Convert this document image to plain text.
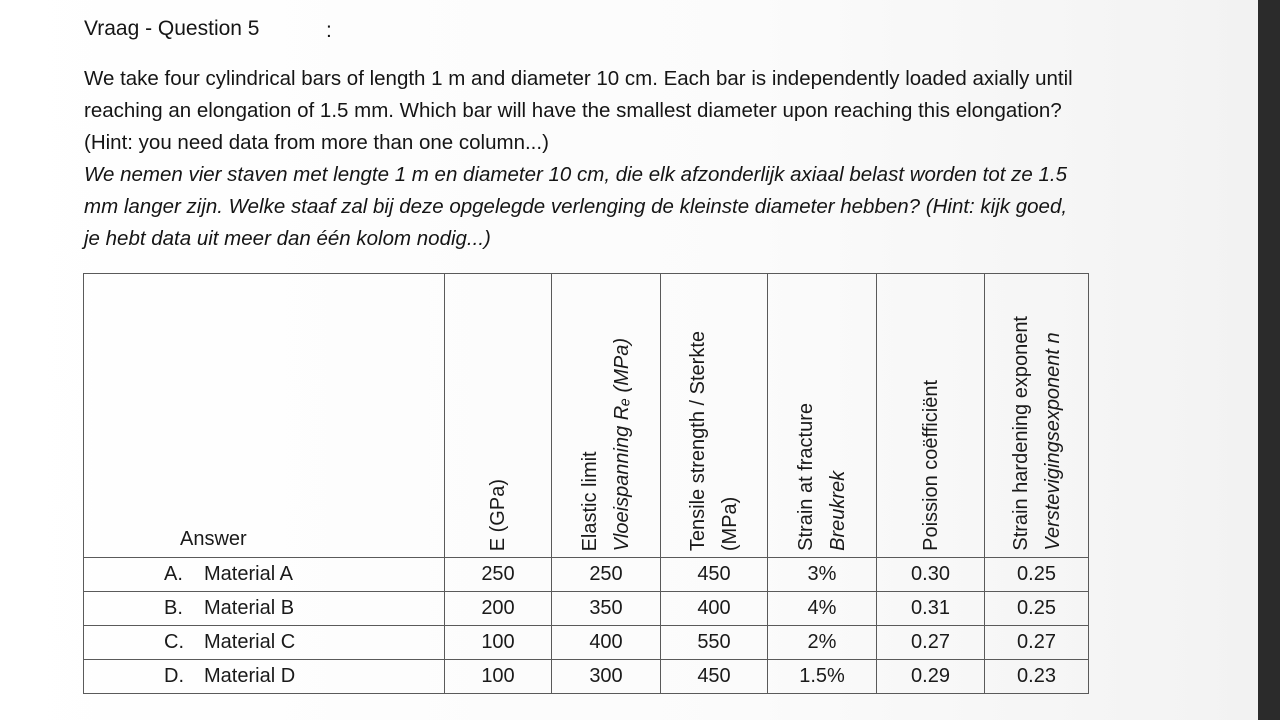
Vraag - Question 5	:

We take four cylindrical bars of length 1 m and diameter 10 cm. Each bar is independently loaded axially until reaching an elongation of 1.5 mm. Which bar will have the smallest diameter upon reaching this elongation? (Hint: you need data from more than one column...)

We nemen vier staven met lengte 1 m en diameter 10 cm, die elk afzonderlijk axiaal belast worden tot ze 1.5 mm langer zijn. Welke staaf zal bij deze opgelegde verlenging de kleinste diameter hebben? (Hint: kijk goed, je hebt data uit meer dan één kolom nodig...)

Answer	E (GPa)	Elastic limit Vloeispanning Rₑ (MPa)	Tensile strength / Sterkte (MPa)	Strain at fracture Breukrek	Poission coëfficiënt	Strain hardening exponent Verstevigingsexponent n

A. Material A	250	250	450	3%	0.30	0.25
B. Material B	200	350	400	4%	0.31	0.25
C. Material C	100	400	550	2%	0.27	0.27
D. Material D	100	300	450	1.5%	0.29	0.23
